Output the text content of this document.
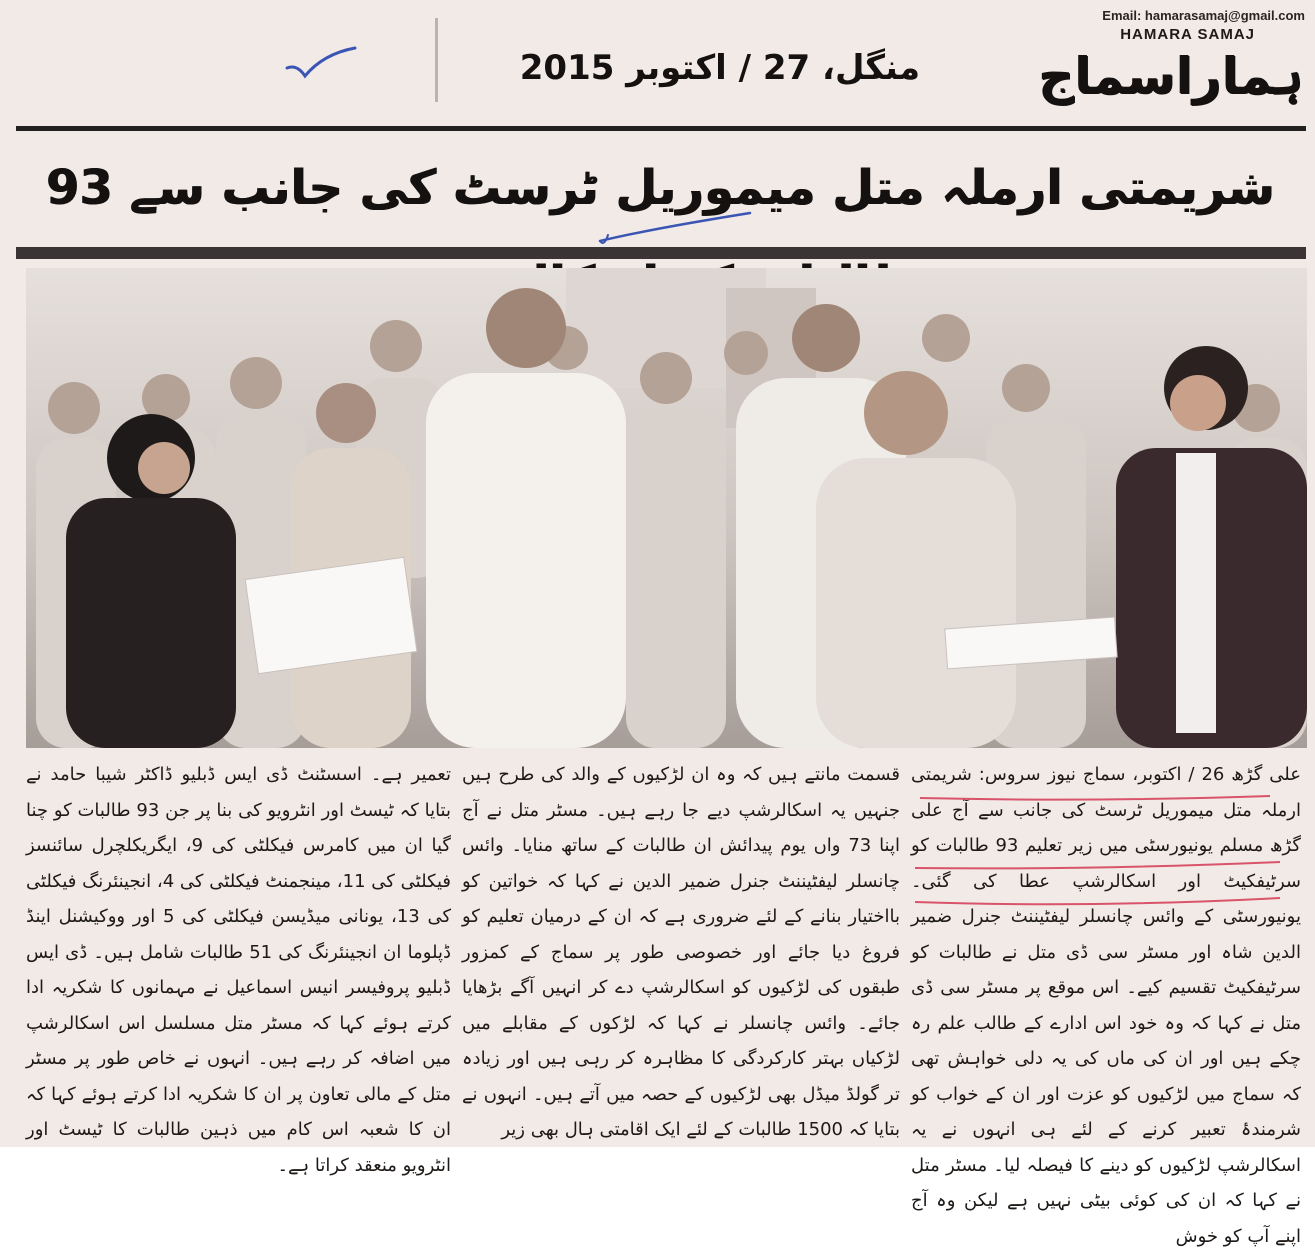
Email: hamarasamaj@gmail.com
HAMARA SAMAJ
ہماراسماج
منگل، 27 / اکتوبر 2015
شریمتی ارملہ متل میموریل ٹرسٹ کی جانب سے 93

علی گڑھ 26 / اکتوبر، سماج نیوز سروس: شریمتی ارملہ متل میموریل ٹرسٹ کی جانب سے آج علی گڑھ مسلم یونیورسٹی میں زیر تعلیم 93 طالبات کو سرٹیفکیٹ اور اسکالرشپ عطا کی گئی۔ یونیورسٹی کے وائس چانسلر لیفٹیننٹ جنرل ضمیر الدین شاہ اور مسٹر سی ڈی متل نے طالبات کو سرٹیفکیٹ تقسیم کیے۔ اس موقع پر مسٹر سی ڈی متل نے کہا کہ وہ خود اس ادارے کے طالب علم رہ چکے ہیں اور ان کی ماں کی یہ دلی خواہش تھی کہ سماج میں لڑکیوں کو عزت اور ان کے خواب کو شرمندۂ تعبیر کرنے کے لئے ہی انہوں نے یہ اسکالرشپ لڑکیوں کو دینے کا فیصلہ لیا۔ مسٹر متل نے کہا کہ ان کی کوئی بیٹی نہیں ہے لیکن وہ آج اپنے آپ کو خوش

قسمت مانتے ہیں کہ وہ ان لڑکیوں کے والد کی طرح ہیں جنہیں یہ اسکالرشپ دیے جا رہے ہیں۔ مسٹر متل نے آج اپنا 73 واں یوم پیدائش ان طالبات کے ساتھ منایا۔ وائس چانسلر لیفٹیننٹ جنرل ضمیر الدین نے کہا کہ خواتین کو بااختیار بنانے کے لئے ضروری ہے کہ ان کے درمیان تعلیم کو فروغ دیا جائے اور خصوصی طور پر سماج کے کمزور طبقوں کی لڑکیوں کو اسکالرشپ دے کر انہیں آگے بڑھایا جائے۔ وائس چانسلر نے کہا کہ لڑکوں کے مقابلے میں لڑکیاں بہتر کارکردگی کا مظاہرہ کر رہی ہیں اور زیادہ تر گولڈ میڈل بھی لڑکیوں کے حصہ میں آتے ہیں۔ انہوں نے بتایا کہ 1500 طالبات کے لئے ایک اقامتی ہال بھی زیر

تعمیر ہے۔ اسسٹنٹ ڈی ایس ڈبلیو ڈاکٹر شیبا حامد نے بتایا کہ ٹیسٹ اور انٹرویو کی بنا پر جن 93 طالبات کو چنا گیا ان میں کامرس فیکلٹی کی 9، ایگریکلچرل سائنسز فیکلٹی کی 11، مینجمنٹ فیکلٹی کی 4، انجینئرنگ فیکلٹی کی 13، یونانی میڈیسن فیکلٹی کی 5 اور ووکیشنل اینڈ ڈپلوما ان انجینئرنگ کی 51 طالبات شامل ہیں۔ ڈی ایس ڈبلیو پروفیسر انیس اسماعیل نے مہمانوں کا شکریہ ادا کرتے ہوئے کہا کہ مسٹر متل مسلسل اس اسکالرشپ میں اضافہ کر رہے ہیں۔ انہوں نے خاص طور پر مسٹر متل کے مالی تعاون پر ان کا شکریہ ادا کرتے ہوئے کہا کہ ان کا شعبہ اس کام میں ذہین طالبات کا ٹیسٹ اور انٹرویو منعقد کراتا ہے۔
